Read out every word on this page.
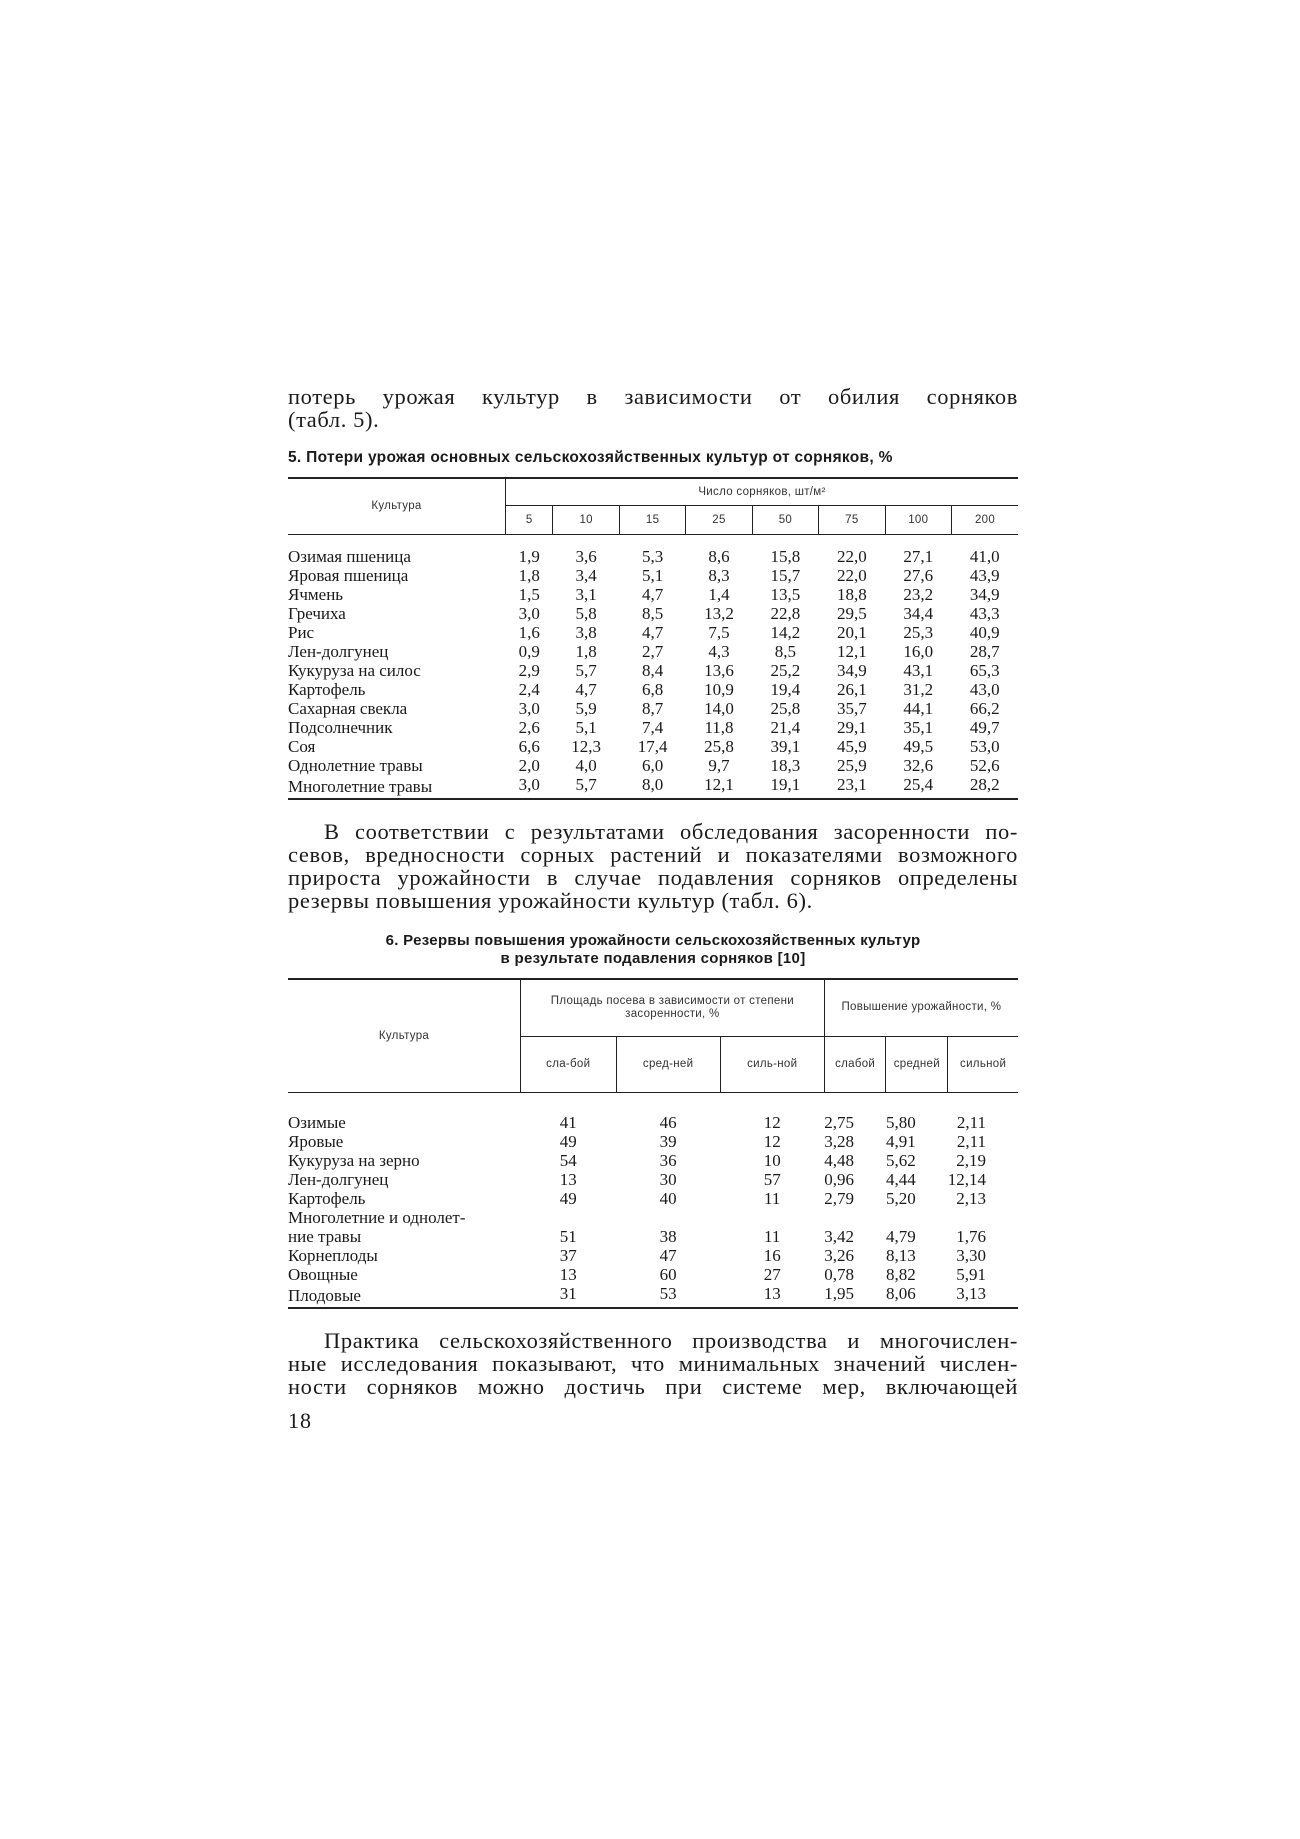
потерь урожая культур в зависимости от обилия сорняков

(табл. 5).

5. Потери урожая основных сельскохозяйственных культур от сорняков, %
Культура	Число сорняков, шт/м²							
	5	10	15	25	50	75	100	200
Озимая пшеница	1,9	3,6	5,3	8,6	15,8	22,0	27,1	41,0
Яровая пшеница	1,8	3,4	5,1	8,3	15,7	22,0	27,6	43,9
Ячмень	1,5	3,1	4,7	1,4	13,5	18,8	23,2	34,9
Гречиха	3,0	5,8	8,5	13,2	22,8	29,5	34,4	43,3
Рис	1,6	3,8	4,7	7,5	14,2	20,1	25,3	40,9
Лен-долгунец	0,9	1,8	2,7	4,3	8,5	12,1	16,0	28,7
Кукуруза на силос	2,9	5,7	8,4	13,6	25,2	34,9	43,1	65,3
Картофель	2,4	4,7	6,8	10,9	19,4	26,1	31,2	43,0
Сахарная свекла	3,0	5,9	8,7	14,0	25,8	35,7	44,1	66,2
Подсолнечник	2,6	5,1	7,4	11,8	21,4	29,1	35,1	49,7
Соя	6,6	12,3	17,4	25,8	39,1	45,9	49,5	53,0
Однолетние травы	2,0	4,0	6,0	9,7	18,3	25,9	32,6	52,6
Многолетние травы	3,0	5,7	8,0	12,1	19,1	23,1	25,4	28,2

В соответствии с результатами обследования засоренности по-

севов, вредносности сорных растений и показателями возможного

прироста урожайности в случае подавления сорняков определены

резервы повышения урожайности культур (табл. 6).

6. Резервы повышения урожайности сельскохозяйственных культур
в результате подавления сорняков [10]
Культура	Площадь посева в зависимости от степени засоренности, %			Повышение урожайности, %		
	сла-бой	сред-ней	силь-ной	слабой	средней	сильной
Озимые	41	46	12	2,75	5,80	2,11
Яровые	49	39	12	3,28	4,91	2,11
Кукуруза на зерно	54	36	10	4,48	5,62	2,19
Лен-долгунец	13	30	57	0,96	4,44	12,14
Картофель	49	40	11	2,79	5,20	2,13
Многолетние и однолет-						
ние травы	51	38	11	3,42	4,79	1,76
Корнеплоды	37	47	16	3,26	8,13	3,30
Овощные	13	60	27	0,78	8,82	5,91
Плодовые	31	53	13	1,95	8,06	3,13

Практика сельскохозяйственного производства и многочислен-

ные исследования показывают, что минимальных значений числен-

ности сорняков можно достичь при системе мер, включающей

18
